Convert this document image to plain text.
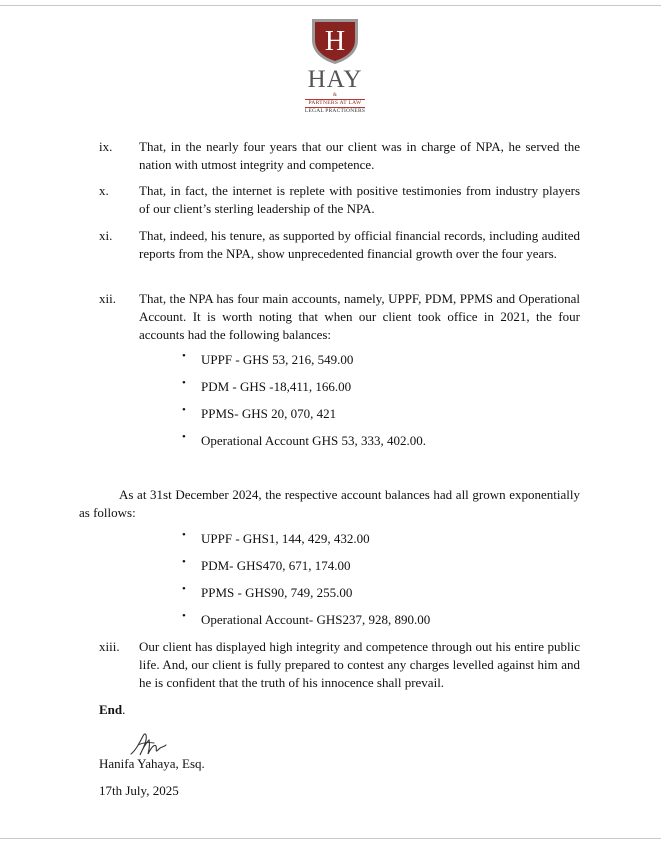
H
HAY
&
PARTNERS AT LAW
LEGAL PRACTIONERS
ix. That, in the nearly four years that our client was in charge of NPA, he served the nation with utmost integrity and competence.
x. That, in fact, the internet is replete with positive testimonies from industry players of our client’s sterling leadership of the NPA.
xi. That, indeed, his tenure, as supported by official financial records, including audited reports from the NPA, show unprecedented financial growth over the four years.
xii. That, the NPA has four main accounts, namely, UPPF, PDM, PPMS and Operational Account. It is worth noting that when our client took office in 2021, the four accounts had the following balances:
• UPPF - GHS 53, 216, 549.00
• PDM - GHS -18,411, 166.00
• PPMS- GHS 20, 070, 421
• Operational Account GHS 53, 333, 402.00.
As at 31st December 2024, the respective account balances had all grown exponentially as follows:
• UPPF - GHS1, 144, 429, 432.00
• PDM- GHS470, 671, 174.00
• PPMS - GHS90, 749, 255.00
• Operational Account- GHS237, 928, 890.00
xiii. Our client has displayed high integrity and competence through out his entire public life. And, our client is fully prepared to contest any charges levelled against him and he is confident that the truth of his innocence shall prevail.
End.
Hanifa Yahaya, Esq.
17th July, 2025
